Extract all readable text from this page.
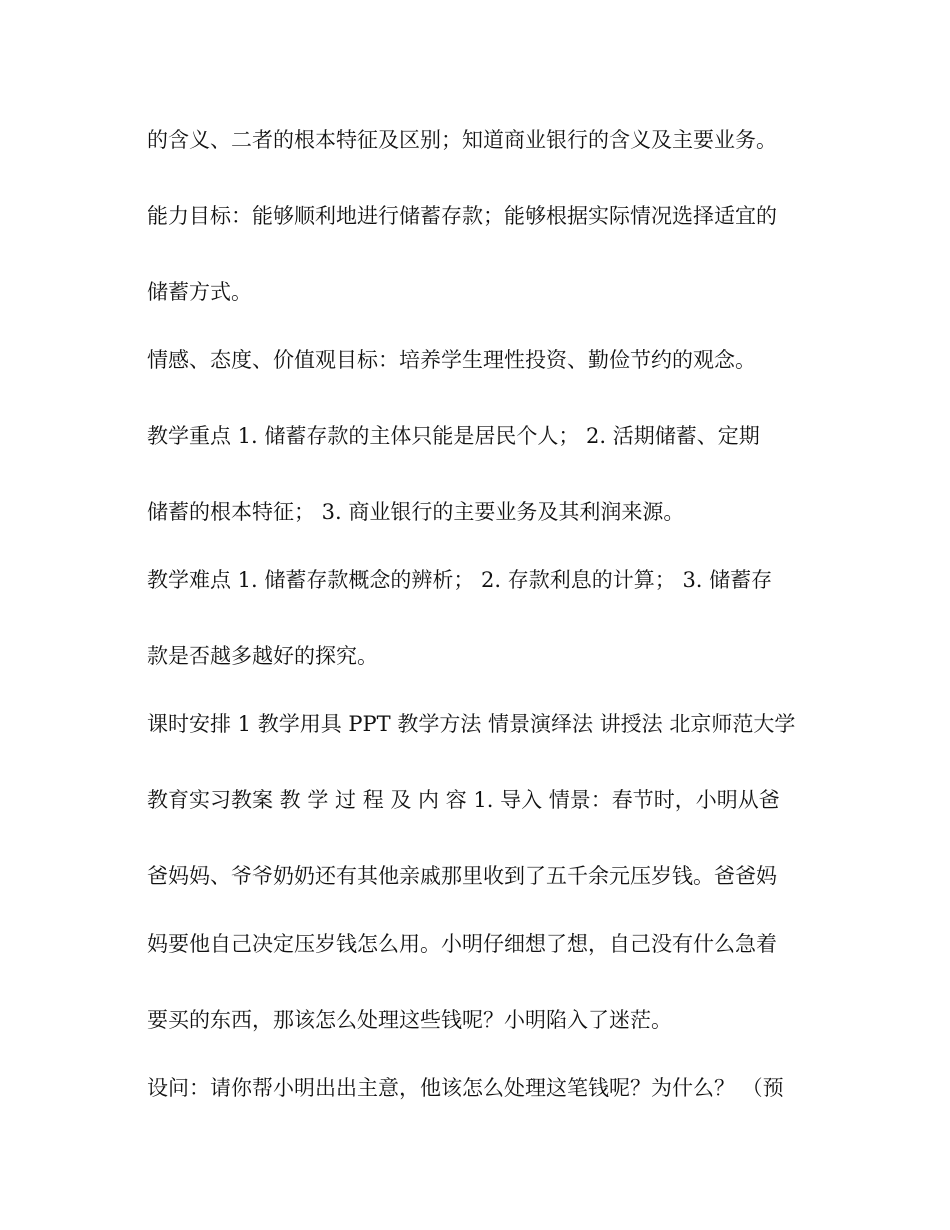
的含义、二者的根本特征及区别；知道商业银行的含义及主要业务。
能力目标：能够顺利地进行储蓄存款；能够根据实际情况选择适宜的
储蓄方式。
情感、态度、价值观目标：培养学生理性投资、勤俭节约的观念。
教学重点 1. 储蓄存款的主体只能是居民个人； 2. 活期储蓄、定期
储蓄的根本特征； 3. 商业银行的主要业务及其利润来源。
教学难点 1. 储蓄存款概念的辨析； 2. 存款利息的计算； 3. 储蓄存
款是否越多越好的探究。
课时安排 1 教学用具 PPT 教学方法 情景演绎法 讲授法 北京师范大学
教育实习教案 教 学 过 程 及 内 容 1. 导入 情景：春节时，小明从爸
爸妈妈、爷爷奶奶还有其他亲戚那里收到了五千余元压岁钱。爸爸妈
妈要他自己决定压岁钱怎么用。小明仔细想了想，自己没有什么急着
要买的东西，那该怎么处理这些钱呢？小明陷入了迷茫。
设问：请你帮小明出出主意，他该怎么处理这笔钱呢？为什么？ （预
